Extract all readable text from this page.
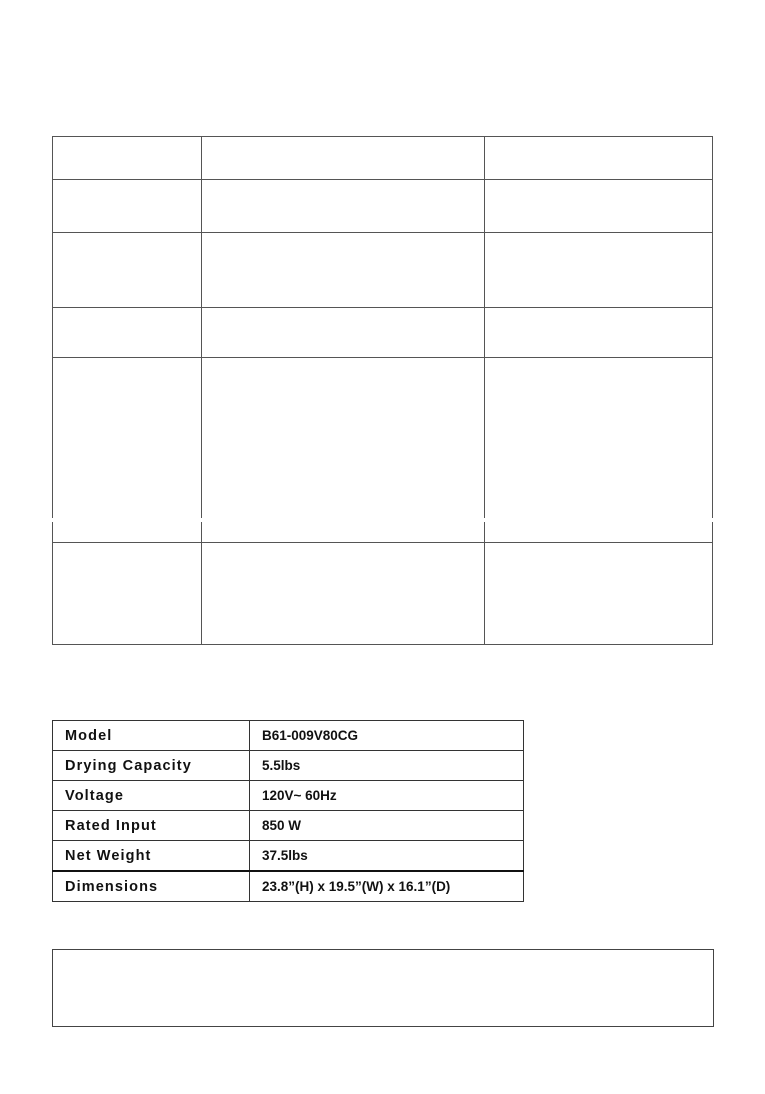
Model	B61-009V80CG
Drying Capacity	5.5lbs
Voltage	120V~ 60Hz
Rated Input	850 W
Net Weight	37.5lbs
Dimensions	23.8”(H) x 19.5”(W) x 16.1”(D)
